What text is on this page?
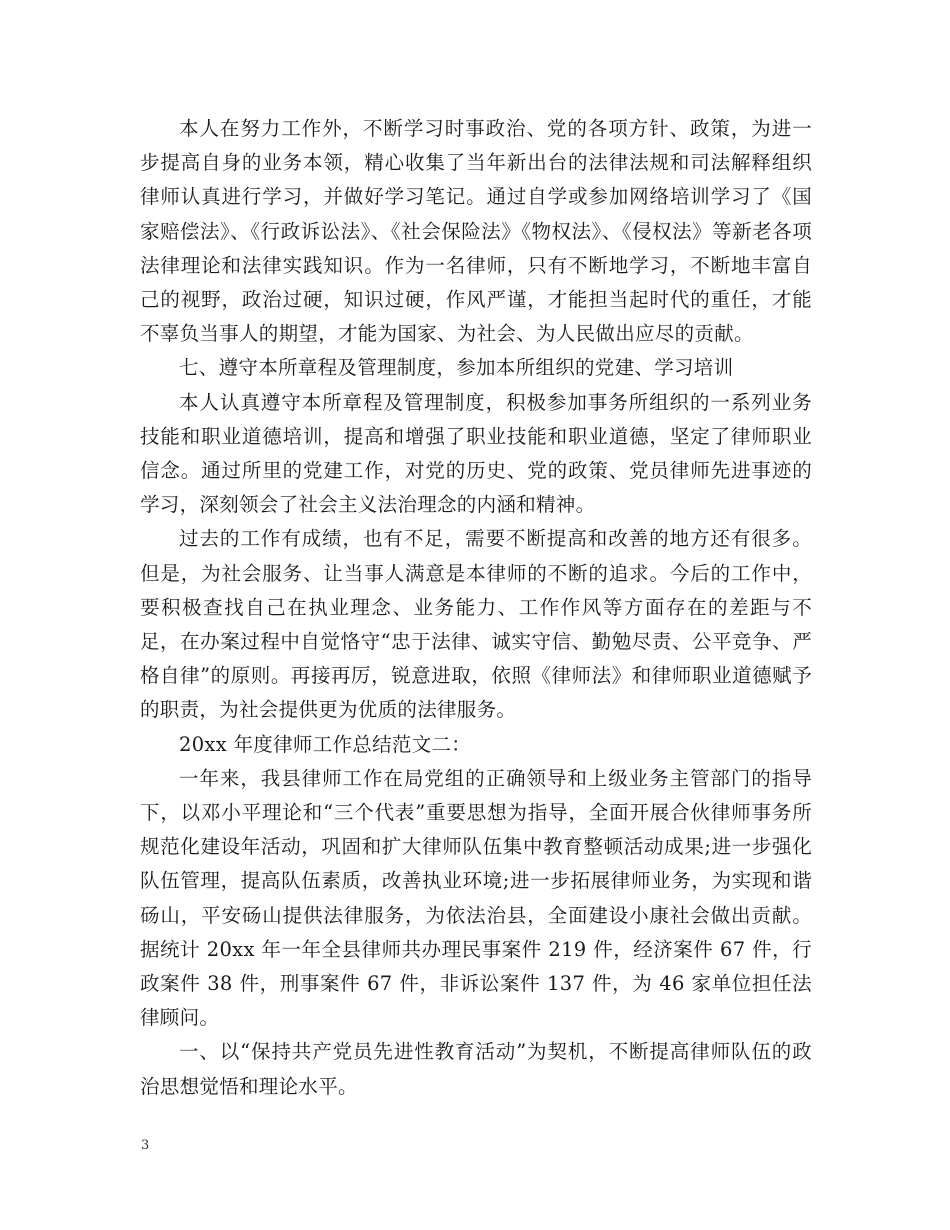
本人在努力工作外，不断学习时事政治、党的各项方针、政策，为进一步提高自身的业务本领，精心收集了当年新出台的法律法规和司法解释组织律师认真进行学习，并做好学习笔记。通过自学或参加网络培训学习了《国家赔偿法》、《行政诉讼法》、《社会保险法》《物权法》、《侵权法》等新老各项法律理论和法律实践知识。作为一名律师，只有不断地学习，不断地丰富自己的视野，政治过硬，知识过硬，作风严谨，才能担当起时代的重任，才能不辜负当事人的期望，才能为国家、为社会、为人民做出应尽的贡献。

七、遵守本所章程及管理制度，参加本所组织的党建、学习培训

本人认真遵守本所章程及管理制度，积极参加事务所组织的一系列业务技能和职业道德培训，提高和增强了职业技能和职业道德，坚定了律师职业信念。通过所里的党建工作，对党的历史、党的政策、党员律师先进事迹的学习，深刻领会了社会主义法治理念的内涵和精神。

过去的工作有成绩，也有不足，需要不断提高和改善的地方还有很多。但是，为社会服务、让当事人满意是本律师的不断的追求。今后的工作中，要积极查找自己在执业理念、业务能力、工作作风等方面存在的差距与不足，在办案过程中自觉恪守“忠于法律、诚实守信、勤勉尽责、公平竞争、严格自律”的原则。再接再厉，锐意进取，依照《律师法》和律师职业道德赋予的职责，为社会提供更为优质的法律服务。

20xx 年度律师工作总结范文二：

一年来，我县律师工作在局党组的正确领导和上级业务主管部门的指导下，以邓小平理论和“三个代表”重要思想为指导，全面开展合伙律师事务所规范化建设年活动，巩固和扩大律师队伍集中教育整顿活动成果;进一步强化队伍管理，提高队伍素质，改善执业环境;进一步拓展律师业务，为实现和谐砀山，平安砀山提供法律服务，为依法治县，全面建设小康社会做出贡献。据统计 20xx 年一年全县律师共办理民事案件 219 件，经济案件 67 件，行政案件 38 件，刑事案件 67 件，非诉讼案件 137 件，为 46 家单位担任法律顾问。

一、以“保持共产党员先进性教育活动”为契机，不断提高律师队伍的政治思想觉悟和理论水平。

3
